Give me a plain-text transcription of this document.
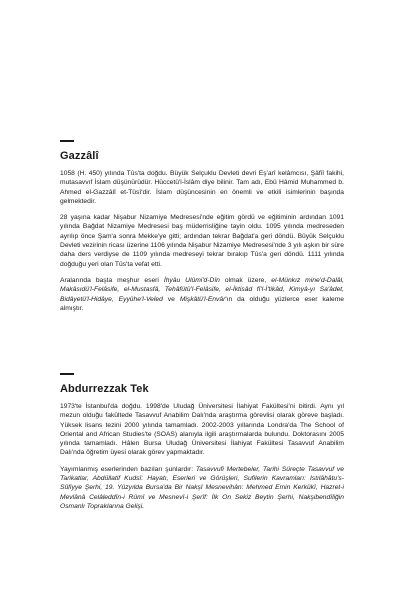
Gazzâlî

1058 (H. 450) yılında Tûs'ta doğdu. Büyük Selçuklu Devleti devri Eş'arî kelâmcısı, Şâfiî fakihi, mutasavvıf İslam düşünürüdür. Hüccetü'l-İslâm diye bilinir. Tam adı, Ebû Hâmid Muhammed b. Ahmed el-Gazzâlî et-Tûsî'dir. İslam düşüncesinin en önemli ve etkili isimlerinin başında gelmektedir.

28 yaşına kadar Nişabur Nizamiye Medresesi'nde eğitim gördü ve eğitiminin ardından 1091 yılında Bağdat Nizamiye Medresesi baş müderrisliğine tayin oldu. 1095 yılında medreseden ayrılıp önce Şam'a sonra Mekke'ye gitti; ardından tekrar Bağdat'a geri döndü. Büyük Selçuklu Devleti vezirinin ricası üzerine 1106 yılında Nişabur Nizamiye Medresesi'nde 3 yılı aşkın bir süre daha ders verdiyse de 1109 yılında medreseyi tekrar bırakıp Tûs'a geri döndü. 1111 yılında doğduğu yeri olan Tûs'ta vefat etti.

Aralarında başta meşhur eseri İhyâu Ulûmi'd-Dîn olmak üzere, el-Münkız mine'd-Dalâl, Makâsıdü'l-Felâsife, el-Mustasfâ, Tehâfütü'l-Felâsife, el-İktisâd fî'l-İ'tikâd, Kimyâ-yı Sa'âdet, Bidâyetü'l-Hidâye, Eyyühe'l-Veled ve Mişkâtü'l-Envâr'ın da olduğu yüzlerce eser kaleme almıştır.

Abdurrezzak Tek

1973'te İstanbul'da doğdu. 1998'de Uludağ Üniversitesi İlahiyat Fakültesi'ni bitirdi. Aynı yıl mezun olduğu fakültede Tasavvuf Anabilim Dalı'nda araştırma görevlisi olarak göreve başladı. Yüksek lisans tezini 2000 yılında tamamladı. 2002-2003 yıllarında Londra'da The School of Oriental and African Studies'te (SOAS) alanıyla ilgili araştırmalarda bulundu. Doktorasını 2005 yılında tamamladı. Hâlen Bursa Uludağ Üniversitesi İlahiyat Fakültesi Tasavvuf Anabilim Dalı'nda öğretim üyesi olarak görev yapmaktadır.

Yayımlanmış eserlerinden bazıları şunlardır: Tasavvufi Mertebeler, Tarihi Süreçte Tasavvuf ve Tarikatlar, Abdüllatif Kudsî: Hayatı, Eserleri ve Görüşleri, Sufilerin Kavramları: Istılâhâtu's-Sûfiyye Şerhi, 19. Yüzyılda Bursa'da Bir Nakşî Mesnevihân: Mehmed Emin Kerkükî, Hazret-i Mevlânâ Celâleddîn-i Rûmî ve Mesnevî-i Şerîf: İlk On Sekiz Beytin Şerhi, Nakşibendîliğin Osmanlı Topraklarına Gelişi.
